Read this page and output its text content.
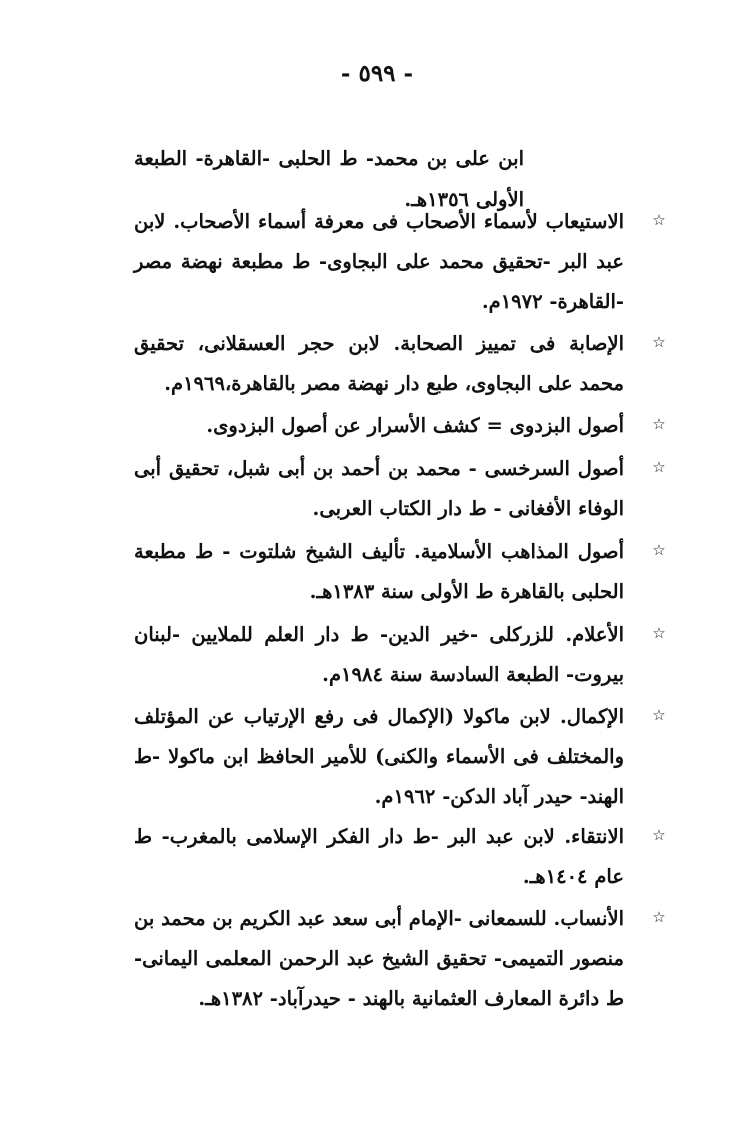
- ٥٩٩ -

ابن على بن محمد- ط الحلبى -القاهرة- الطبعة الأولى ١٣٥٦هـ.

☆

الاستيعاب لأسماء الأصحاب فى معرفة أسماء الأصحاب. لابن عبد البر -تحقيق محمد على البجاوى- ط مطبعة نهضة مصر -القاهرة- ١٩٧٢م.

☆

الإصابة فى تمييز الصحابة. لابن حجر العسقلانى، تحقيق محمد على البجاوى، طبع دار نهضة مصر بالقاهرة،١٩٦٩م.

☆

أصول البزدوى = كشف الأسرار عن أصول البزدوى.

☆

أصول السرخسى - محمد بن أحمد بن أبى شبل، تحقيق أبى الوفاء الأفغانى - ط دار الكتاب العربى.

☆

أصول المذاهب الأسلامية. تأليف الشيخ شلتوت - ط مطبعة الحلبى بالقاهرة ط الأولى سنة ١٣٨٣هـ.

☆

الأعلام. للزركلى -خير الدين- ط دار العلم للملايين -لبنان بيروت- الطبعة السادسة سنة ١٩٨٤م.

☆

الإكمال. لابن ماكولا (الإكمال فى رفع الإرتياب عن المؤتلف والمختلف فى الأسماء والكنى) للأمير الحافظ ابن ماكولا -ط الهند- حيدر آباد الدكن- ١٩٦٢م.

☆

الانتقاء. لابن عبد البر -ط دار الفكر الإسلامى بالمغرب- ط عام ١٤٠٤هـ.

☆

الأنساب. للسمعانى -الإمام أبى سعد عبد الكريم بن محمد بن منصور التميمى- تحقيق الشيخ عبد الرحمن المعلمى اليمانى- ط دائرة المعارف العثمانية بالهند - حيدرآباد- ١٣٨٢هـ.
